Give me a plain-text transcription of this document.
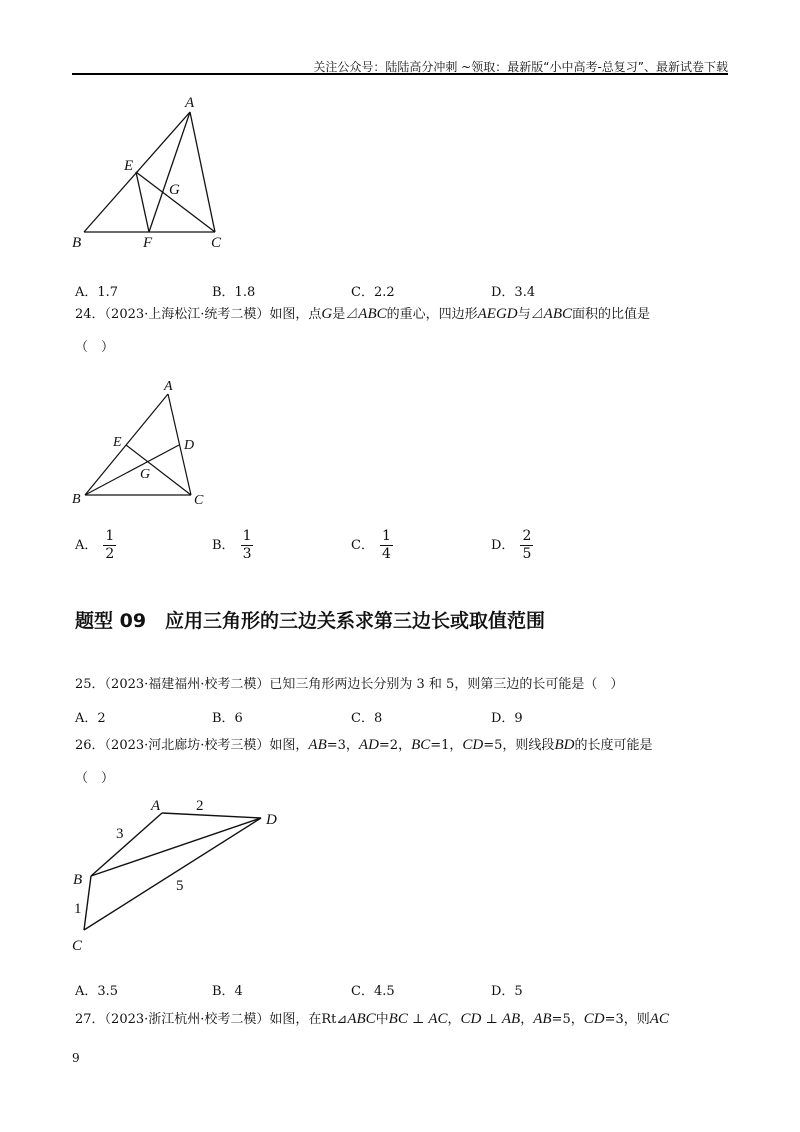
关注公众号：陆陆高分冲刺 ~领取：最新版“小中高考-总复习”、最新试卷下载
A
E
G
B	F	C
A．1.7	B．1.8	C．2.2	D．3.4
24．（2023·上海松江·统考二模）如图，点G是⊿ABC的重心，四边形AEGD与⊿ABC面积的比值是
（　）
A
E	D
G
B	C
A． $\frac{1}{2}$	B． $\frac{1}{3}$	C． $\frac{1}{4}$	D． $\frac{2}{5}$
题型 09　应用三角形的三边关系求第三边长或取值范围
25．（2023·福建福州·校考二模）已知三角形两边长分别为 3 和 5，则第三边的长可能是（　）
A．2	B．6	C．8	D．9
26．（2023·河北廊坊·校考三模）如图，AB=3，AD=2，BC=1，CD=5，则线段BD的长度可能是
（　）
A
D
B
C
2
3
5
1
A．3.5	B．4	C．4.5	D．5
27．（2023·浙江杭州·校考二模）如图，在Rt⊿ABC中BC ⊥ AC，CD ⊥ AB，AB=5，CD=3，则AC
9
